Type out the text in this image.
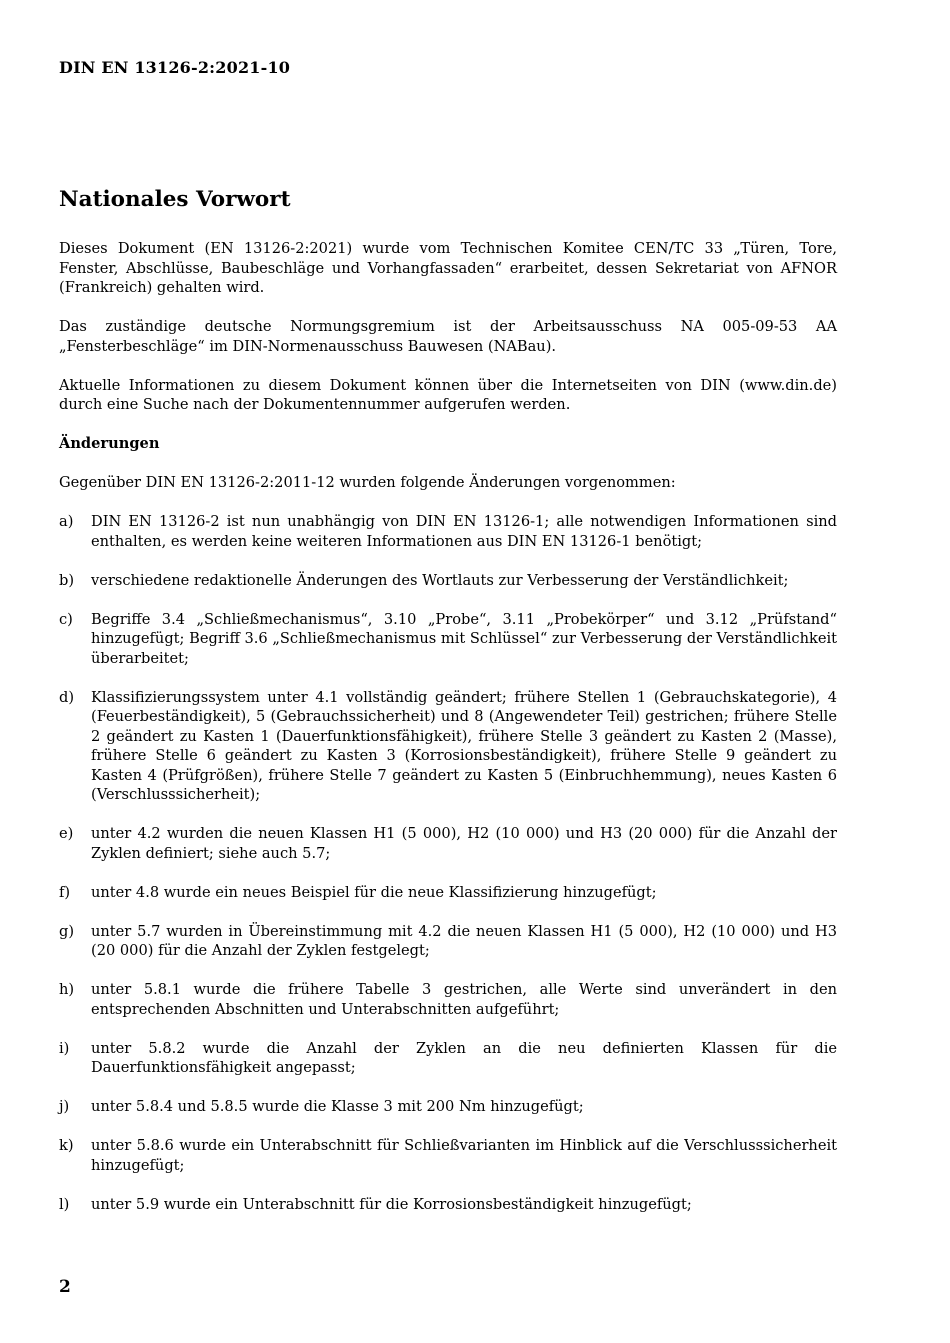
DIN EN 13126-2:2021-10
Nationales Vorwort

Dieses Dokument (EN 13126-2:2021) wurde vom Technischen Komitee CEN/TC 33 „Türen, Tore, Fenster, Abschlüsse, Baubeschläge und Vorhangfassaden“ erarbeitet, dessen Sekretariat von AFNOR (Frankreich) gehalten wird.

Das zuständige deutsche Normungsgremium ist der Arbeitsausschuss NA 005-09-53 AA „Fensterbeschläge“ im DIN-Normenausschuss Bauwesen (NABau).

Aktuelle Informationen zu diesem Dokument können über die Internetseiten von DIN (www.din.de) durch eine Suche nach der Dokumentennummer aufgerufen werden.

Änderungen

Gegenüber DIN EN 13126-2:2011-12 wurden folgende Änderungen vorgenommen:

a)	DIN EN 13126-2 ist nun unabhängig von DIN EN 13126-1; alle notwendigen Informationen sind enthalten, es werden keine weiteren Informationen aus DIN EN 13126-1 benötigt;
b)	verschiedene redaktionelle Änderungen des Wortlauts zur Verbesserung der Verständlichkeit;
c)	Begriffe 3.4 „Schließmechanismus“, 3.10 „Probe“, 3.11 „Probekörper“ und 3.12 „Prüfstand“ hinzugefügt; Begriff 3.6 „Schließmechanismus mit Schlüssel“ zur Verbesserung der Verständlichkeit überarbeitet;
d)	Klassifizierungssystem unter 4.1 vollständig geändert; frühere Stellen 1 (Gebrauchskategorie), 4 (Feuerbeständigkeit), 5 (Gebrauchssicherheit) und 8 (Angewendeter Teil) gestrichen; frühere Stelle 2 geändert zu Kasten 1 (Dauerfunktionsfähigkeit), frühere Stelle 3 geändert zu Kasten 2 (Masse), frühere Stelle 6 geändert zu Kasten 3 (Korrosionsbeständigkeit), frühere Stelle 9 geändert zu Kasten 4 (Prüfgrößen), frühere Stelle 7 geändert zu Kasten 5 (Einbruchhemmung), neues Kasten 6 (Verschlusssicherheit);
e)	unter 4.2 wurden die neuen Klassen H1 (5 000), H2 (10 000) und H3 (20 000) für die Anzahl der Zyklen definiert; siehe auch 5.7;
f)	unter 4.8 wurde ein neues Beispiel für die neue Klassifizierung hinzugefügt;
g)	unter 5.7 wurden in Übereinstimmung mit 4.2 die neuen Klassen H1 (5 000), H2 (10 000) und H3 (20 000) für die Anzahl der Zyklen festgelegt;
h)	unter 5.8.1 wurde die frühere Tabelle 3 gestrichen, alle Werte sind unverändert in den entsprechenden Abschnitten und Unterabschnitten aufgeführt;
i)	unter 5.8.2 wurde die Anzahl der Zyklen an die neu definierten Klassen für die Dauerfunktionsfähigkeit angepasst;
j)	unter 5.8.4 und 5.8.5 wurde die Klasse 3 mit 200 Nm hinzugefügt;
k)	unter 5.8.6 wurde ein Unterabschnitt für Schließvarianten im Hinblick auf die Verschlusssicherheit hinzugefügt;
l)	unter 5.9 wurde ein Unterabschnitt für die Korrosionsbeständigkeit hinzugefügt;
2
